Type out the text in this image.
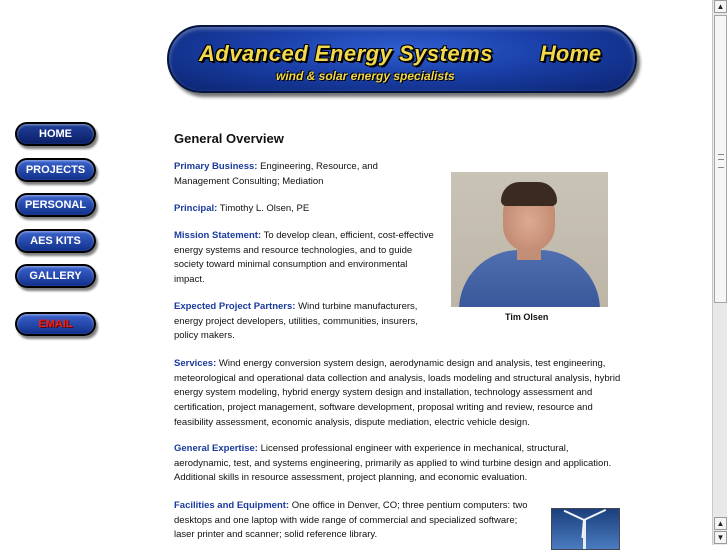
Advanced Energy Systems Home
wind & solar energy specialists
HOME
PROJECTS
PERSONAL
AES KITS
GALLERY
EMAIL
General Overview
Primary Business: Engineering, Resource, and Management Consulting; Mediation
Principal: Timothy L. Olsen, PE
Mission Statement: To develop clean, efficient, cost-effective energy systems and resource technologies, and to guide society toward minimal consumption and environmental impact.
Expected Project Partners: Wind turbine manufacturers, energy project developers, utilities, communities, insurers, policy makers.
Tim Olsen
Services: Wind energy conversion system design, aerodynamic design and analysis, test engineering, meteorological and operational data collection and analysis, loads modeling and structural analysis, hybrid energy system modeling, hybrid energy system design and installation, technology assessment and certification, project management, software development, proposal writing and review, resource and feasibility assessment, economic analysis, dispute mediation, electric vehicle design.
General Expertise: Licensed professional engineer with experience in mechanical, structural, aerodynamic, test, and systems engineering, primarily as applied to wind turbine design and application. Additional skills in resource assessment, project planning, and economic evaluation.
Facilities and Equipment: One office in Denver, CO; three pentium computers: two desktops and one laptop with wide range of commercial and specialized software; laser printer and scanner; solid reference library.
▲
▲
▼
